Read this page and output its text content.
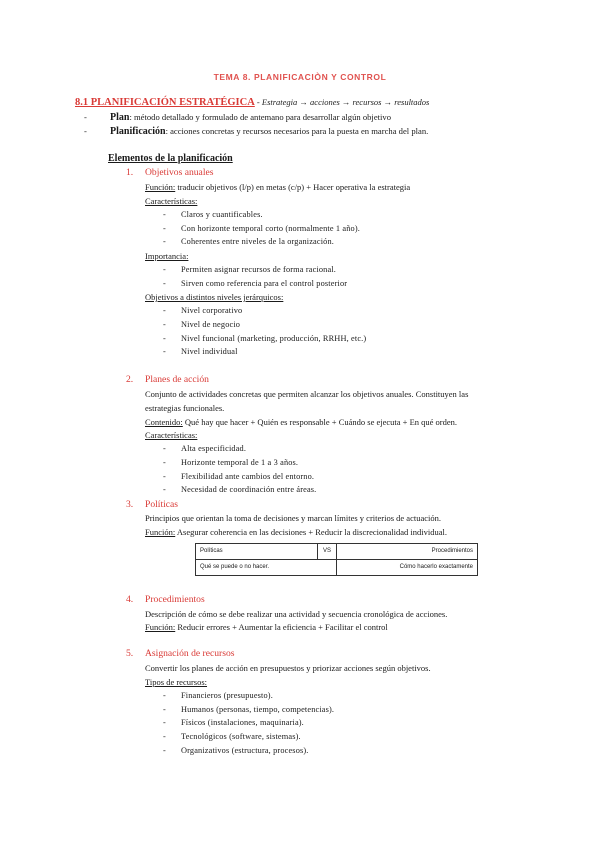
TEMA 8. PLANIFICACIÒN Y CONTROL
8.1 PLANIFICACIÓN ESTRATÉGICA - Estrategia → acciones → recursos → resultados
- Plan: método detallado y formulado de antemano para desarrollar algún objetivo
- Planificación: acciones concretas y recursos necesarios para la puesta en marcha del plan.
Elementos de la planificación
1. Objetivos anuales
Función: traducir objetivos (l/p) en metas (c/p) + Hacer operativa la estrategia
Características:
- Claros y cuantificables.
- Con horizonte temporal corto (normalmente 1 año).
- Coherentes entre niveles de la organización.
Importancia:
- Permiten asignar recursos de forma racional.
- Sirven como referencia para el control posterior
Objetivos a distintos niveles jerárquicos:
- Nivel corporativo
- Nivel de negocio
- Nivel funcional (marketing, producción, RRHH, etc.)
- Nivel individual
2. Planes de acción
Conjunto de actividades concretas que permiten alcanzar los objetivos anuales. Constituyen las
estrategias funcionales.
Contenido: Qué hay que hacer + Quién es responsable + Cuándo se ejecuta + En qué orden.
Características:
- Alta especificidad.
- Horizonte temporal de 1 a 3 años.
- Flexibilidad ante cambios del entorno.
- Necesidad de coordinación entre áreas.
3. Políticas
Principios que orientan la toma de decisiones y marcan límites y criterios de actuación.
Función: Asegurar coherencia en las decisiones + Reducir la discrecionalidad individual.
Políticas	VS	Procedimientos
Qué se puede o no hacer.	Cómo hacerlo exactamente
4. Procedimientos
Descripción de cómo se debe realizar una actividad y secuencia cronológica de acciones.
Función: Reducir errores + Aumentar la eficiencia + Facilitar el control
5. Asignación de recursos
Convertir los planes de acción en presupuestos y priorizar acciones según objetivos.
Tipos de recursos:
- Financieros (presupuesto).
- Humanos (personas, tiempo, competencias).
- Físicos (instalaciones, maquinaria).
- Tecnológicos (software, sistemas).
- Organizativos (estructura, procesos).
